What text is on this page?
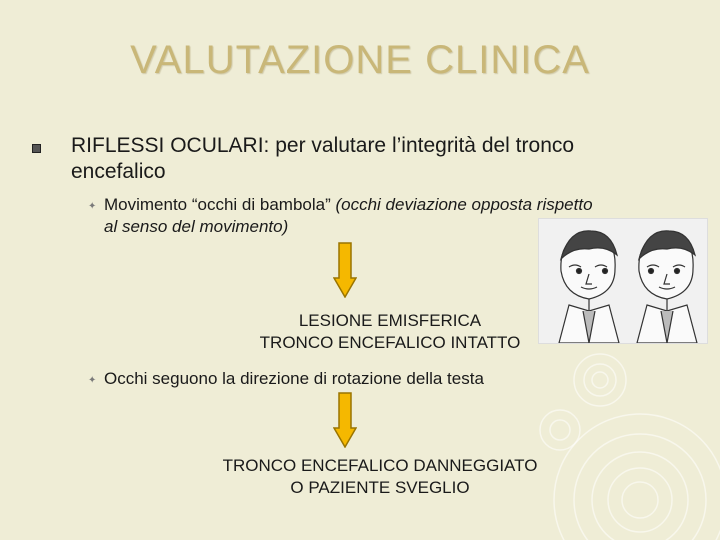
VALUTAZIONE CLINICA
RIFLESSI OCULARI: per valutare l’integrità del tronco encefalico
✦ Movimento “occhi di bambola” (occhi deviazione opposta rispetto
al senso del movimento)
LESIONE EMISFERICA
TRONCO ENCEFALICO INTATTO
✦ Occhi seguono la direzione di rotazione della testa
TRONCO ENCEFALICO DANNEGGIATO
O PAZIENTE SVEGLIO
